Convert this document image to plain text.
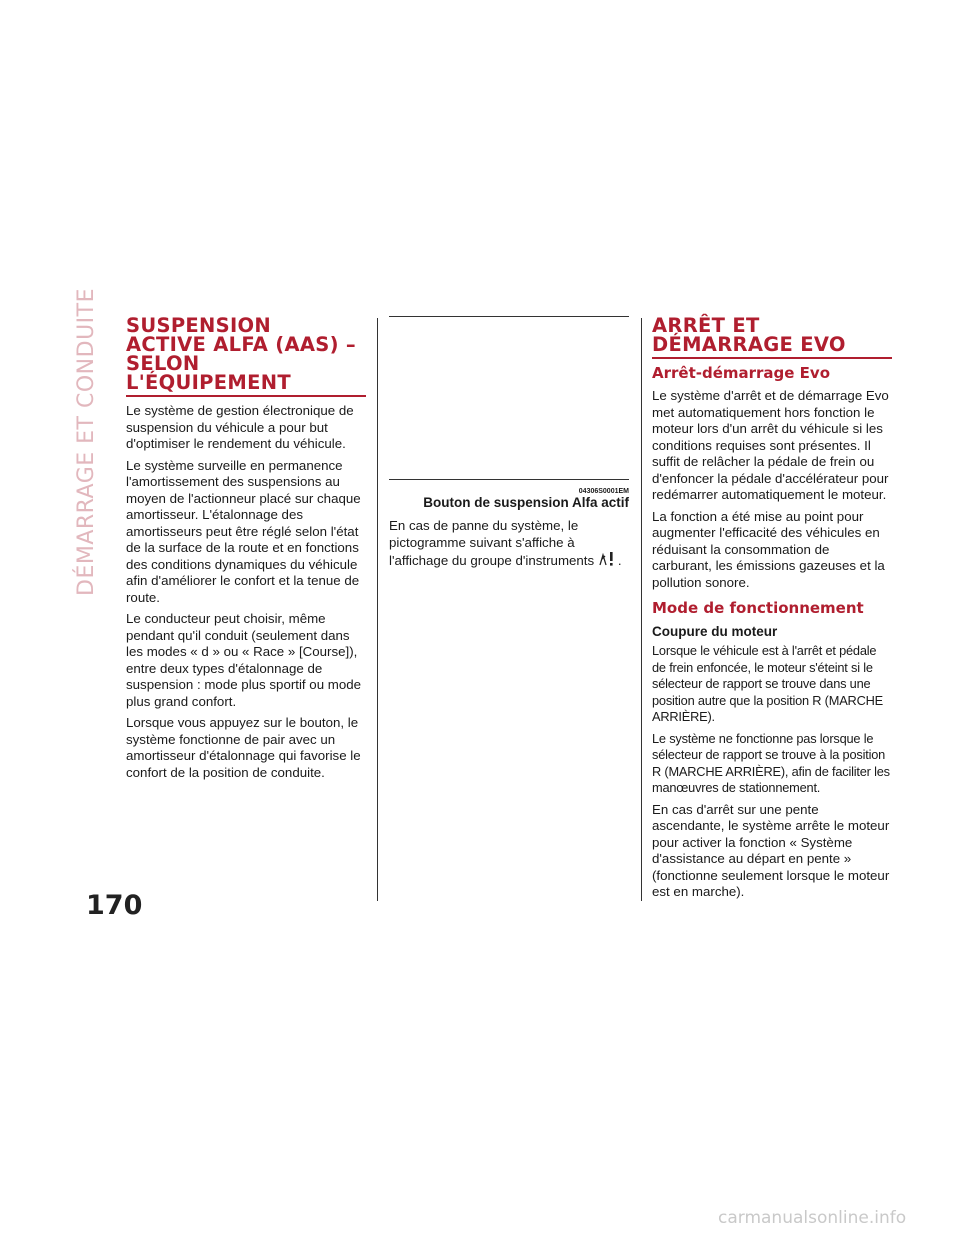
DÉMARRAGE ET CONDUITE
170
SUSPENSION
ACTIVE ALFA (AAS) –
SELON
L'ÉQUIPEMENT

Le système de gestion électronique de suspension du véhicule a pour but d'optimiser le rendement du véhicule.

Le système surveille en permanence l'amortissement des suspensions au moyen de l'actionneur placé sur chaque amortisseur. L'étalonnage des amortisseurs peut être réglé selon l'état de la surface de la route et en fonctions des conditions dynamiques du véhicule afin d'améliorer le confort et la tenue de route.

Le conducteur peut choisir, même pendant qu'il conduit (seulement dans les modes « d » ou « Race » [Course]), entre deux types d'étalonnage de suspension : mode plus sportif ou mode plus grand confort.

Lorsque vous appuyez sur le bouton, le système fonctionne de pair avec un amortisseur d'étalonnage qui favorise le confort de la position de conduite.

04306S0001EM
Bouton de suspension Alfa actif

En cas de panne du système, le pictogramme suivant s'affiche à l'affichage du groupe d'instruments .

ARRÊT ET
DÉMARRAGE EVO
Arrêt-démarrage Evo

Le système d'arrêt et de démarrage Evo met automatiquement hors fonction le moteur lors d'un arrêt du véhicule si les conditions requises sont présentes. Il suffit de relâcher la pédale de frein ou d'enfoncer la pédale d'accélérateur pour redémarrer automatiquement le moteur.

La fonction a été mise au point pour augmenter l'efficacité des véhicules en réduisant la consommation de carburant, les émissions gazeuses et la pollution sonore.

Mode de fonctionnement
Coupure du moteur

Lorsque le véhicule est à l'arrêt et pédale de frein enfoncée, le moteur s'éteint si le sélecteur de rapport se trouve dans une position autre que la position R (MARCHE ARRIÈRE).

Le système ne fonctionne pas lorsque le sélecteur de rapport se trouve à la position R (MARCHE ARRIÈRE), afin de faciliter les manœuvres de stationnement.

En cas d'arrêt sur une pente ascendante, le système arrête le moteur pour activer la fonction « Système d'assistance au départ en pente » (fonctionne seulement lorsque le moteur est en marche).

carmanualsonline.info
